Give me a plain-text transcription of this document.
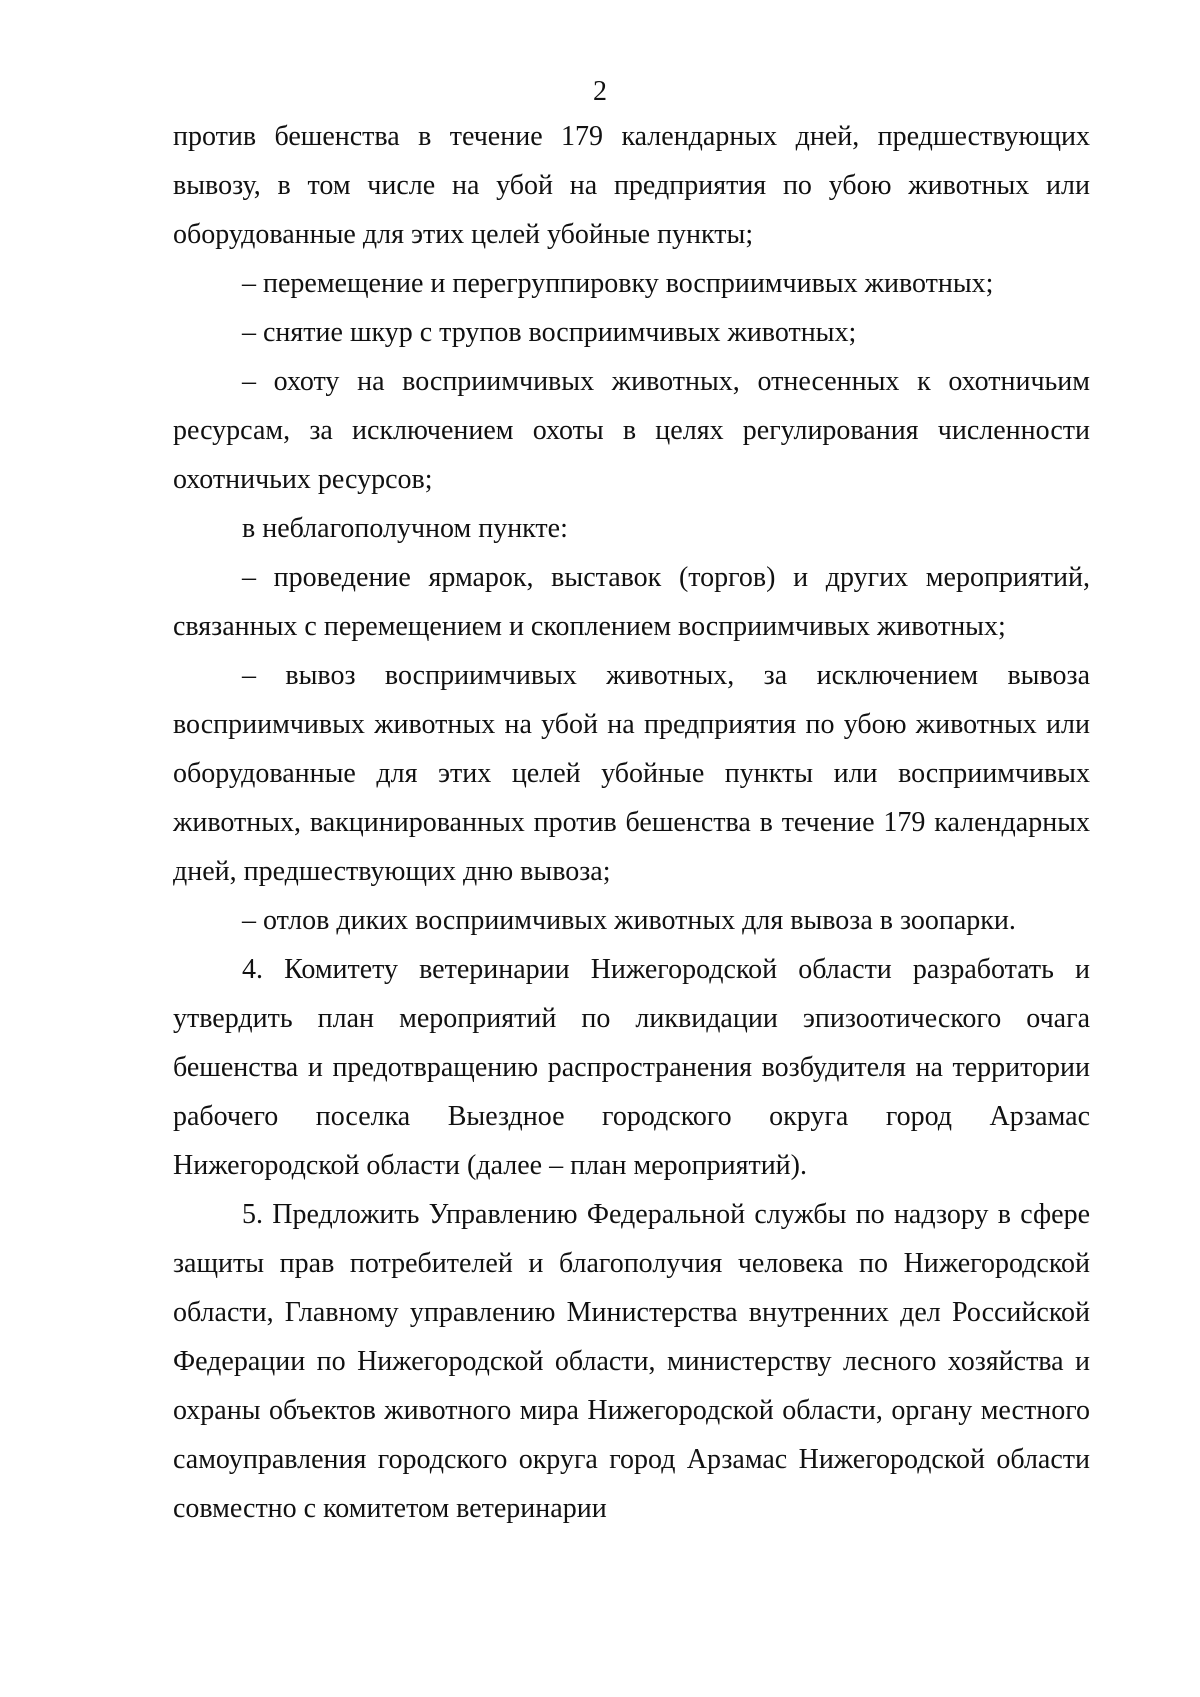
2

против бешенства в течение 179 календарных дней, предшествующих вывозу, в том числе на убой на предприятия по убою животных или оборудованные для этих целей убойные пункты;

– перемещение и перегруппировку восприимчивых животных;

– снятие шкур с трупов восприимчивых животных;

– охоту на восприимчивых животных, отнесенных к охотничьим ресурсам, за исключением охоты в целях регулирования численности охотничьих ресурсов;

в неблагополучном пункте:

– проведение ярмарок, выставок (торгов) и других мероприятий, связанных с перемещением и скоплением восприимчивых животных;

– вывоз восприимчивых животных, за исключением вывоза восприимчивых животных на убой на предприятия по убою животных или оборудованные для этих целей убойные пункты или восприимчивых животных, вакцинированных против бешенства в течение 179 календарных дней, предшествующих дню вывоза;

– отлов диких восприимчивых животных для вывоза в зоопарки.

4. Комитету ветеринарии Нижегородской области разработать и утвердить план мероприятий по ликвидации эпизоотического очага бешенства и предотвращению распространения возбудителя на территории рабочего поселка Выездное городского округа город Арзамас Нижегородской области (далее – план мероприятий).

5. Предложить Управлению Федеральной службы по надзору в сфере защиты прав потребителей и благополучия человека по Нижегородской области, Главному управлению Министерства внутренних дел Российской Федерации по Нижегородской области, министерству лесного хозяйства и охраны объектов животного мира Нижегородской области, органу местного самоуправления городского округа город Арзамас Нижегородской области совместно с комитетом ветеринарии
